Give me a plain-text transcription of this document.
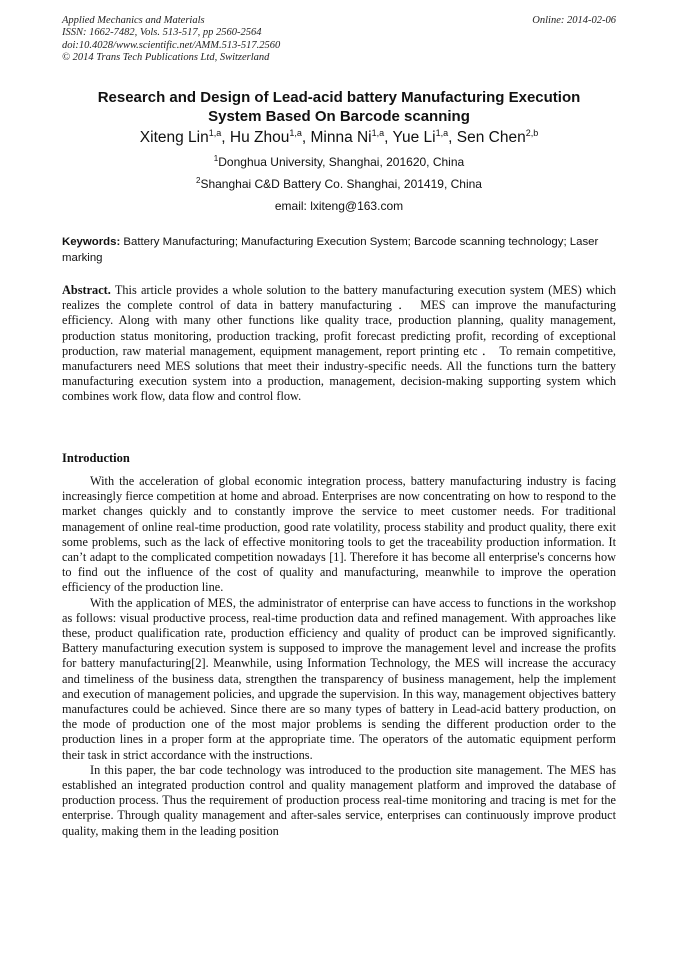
Applied Mechanics and Materials
ISSN: 1662-7482, Vols. 513-517, pp 2560-2564
doi:10.4028/www.scientific.net/AMM.513-517.2560
© 2014 Trans Tech Publications Ltd, Switzerland
Online: 2014-02-06
Research and Design of Lead-acid battery Manufacturing Execution
System Based On Barcode scanning
Xiteng Lin$^{1,a}$, Hu Zhou$^{1,a}$, Minna Ni$^{1,a}$, Yue Li$^{1,a}$, Sen Chen$^{2,b}$
$^1$Donghua University, Shanghai, 201620, China
$^2$Shanghai C&D Battery Co. Shanghai, 201419, China
email: lxiteng@163.com
Keywords: Battery Manufacturing; Manufacturing Execution System; Barcode scanning technology; Laser marking

Abstract. This article provides a whole solution to the battery manufacturing execution system (MES) which realizes the complete control of data in battery manufacturing ． MES can improve the manufacturing efficiency. Along with many other functions like quality trace, production planning, quality management, production status monitoring, production tracking, profit forecast predicting profit, recording of exceptional production, raw material management, equipment management, report printing etc ． To remain competitive, manufacturers need MES solutions that meet their industry-specific needs. All the functions turn the battery manufacturing execution system into a production, management, decision-making supporting system which combines work flow, data flow and control flow.

Introduction

With the acceleration of global economic integration process, battery manufacturing industry is facing increasingly fierce competition at home and abroad. Enterprises are now concentrating on how to respond to the market changes quickly and to constantly improve the service to meet customer needs. For traditional management of online real-time production, good rate volatility, process stability and product quality, there exit some problems, such as the lack of effective monitoring tools to get the traceability production information. It can’t adapt to the complicated competition nowadays [1]. Therefore it has become all enterprise's concerns how to find out the influence of the cost of quality and manufacturing, meanwhile to improve the operation efficiency of the production line.

With the application of MES, the administrator of enterprise can have access to functions in the workshop as follows: visual productive process, real-time production data and refined management. With approaches like these, product qualification rate, production efficiency and quality of product can be improved significantly. Battery manufacturing execution system is supposed to improve the management level and increase the profits for battery manufacturing[2]. Meanwhile, using Information Technology, the MES will increase the accuracy and timeliness of the business data, strengthen the transparency of business management, help the implement and execution of management policies, and upgrade the supervision. In this way, management objectives battery manufactures could be achieved. Since there are so many types of battery in Lead-acid battery production, on the mode of production one of the most major problems is sending the different production order to the production lines in a proper form at the appropriate time. The operators of the automatic equipment perform their task in strict accordance with the instructions.

In this paper, the bar code technology was introduced to the production site management. The MES has established an integrated production control and quality management platform and improved the database of production process. Thus the requirement of production process real-time monitoring and tracing is met for the enterprise. Through quality management and after-sales service, enterprises can continuously improve product quality, making them in the leading position
